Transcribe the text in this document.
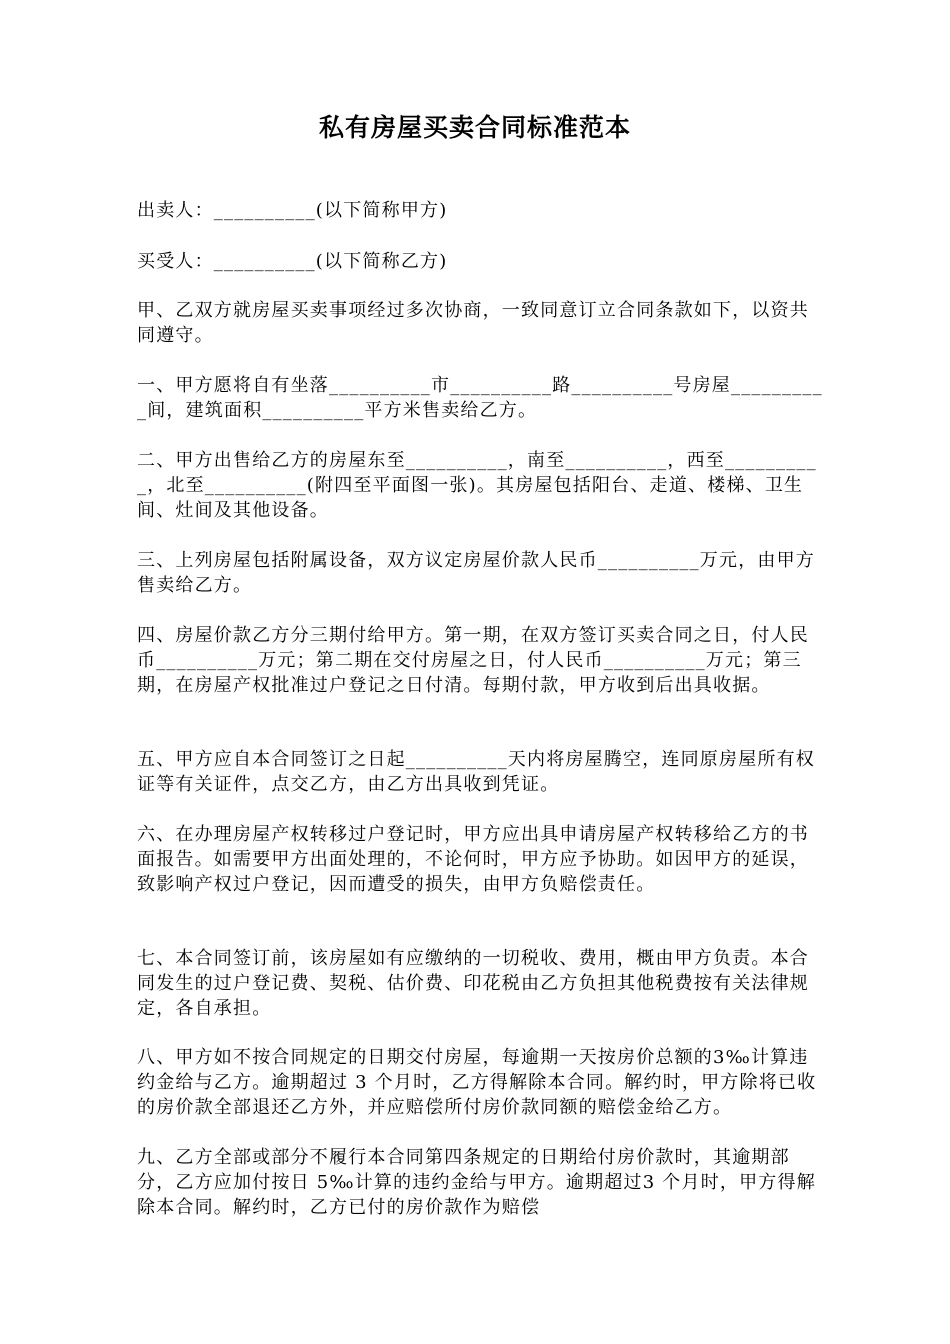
私有房屋买卖合同标准范本
出卖人：__________(以下简称甲方)
买受人：__________(以下简称乙方)
甲、乙双方就房屋买卖事项经过多次协商，一致同意订立合同条款如下，以资共同遵守。
一、甲方愿将自有坐落__________市__________路__________号房屋__________间，建筑面积__________平方米售卖给乙方。
二、甲方出售给乙方的房屋东至__________，南至__________，西至__________，北至__________(附四至平面图一张)。其房屋包括阳台、走道、楼梯、卫生间、灶间及其他设备。
三、上列房屋包括附属设备，双方议定房屋价款人民币__________万元，由甲方售卖给乙方。
四、房屋价款乙方分三期付给甲方。第一期，在双方签订买卖合同之日，付人民币__________万元；第二期在交付房屋之日，付人民币__________万元；第三期，在房屋产权批准过户登记之日付清。每期付款，甲方收到后出具收据。
五、甲方应自本合同签订之日起__________天内将房屋腾空，连同原房屋所有权证等有关证件，点交乙方，由乙方出具收到凭证。
六、在办理房屋产权转移过户登记时，甲方应出具申请房屋产权转移给乙方的书面报告。如需要甲方出面处理的，不论何时，甲方应予协助。如因甲方的延误，致影响产权过户登记，因而遭受的损失，由甲方负赔偿责任。
七、本合同签订前，该房屋如有应缴纳的一切税收、费用，概由甲方负责。本合同发生的过户登记费、契税、估价费、印花税由乙方负担其他税费按有关法律规定，各自承担。
八、甲方如不按合同规定的日期交付房屋，每逾期一天按房价总额的3‰计算违约金给与乙方。逾期超过 3 个月时，乙方得解除本合同。解约时，甲方除将已收的房价款全部退还乙方外，并应赔偿所付房价款同额的赔偿金给乙方。
九、乙方全部或部分不履行本合同第四条规定的日期给付房价款时，其逾期部分，乙方应加付按日 5‰计算的违约金给与甲方。逾期超过3 个月时，甲方得解除本合同。解约时，乙方已付的房价款作为赔偿
